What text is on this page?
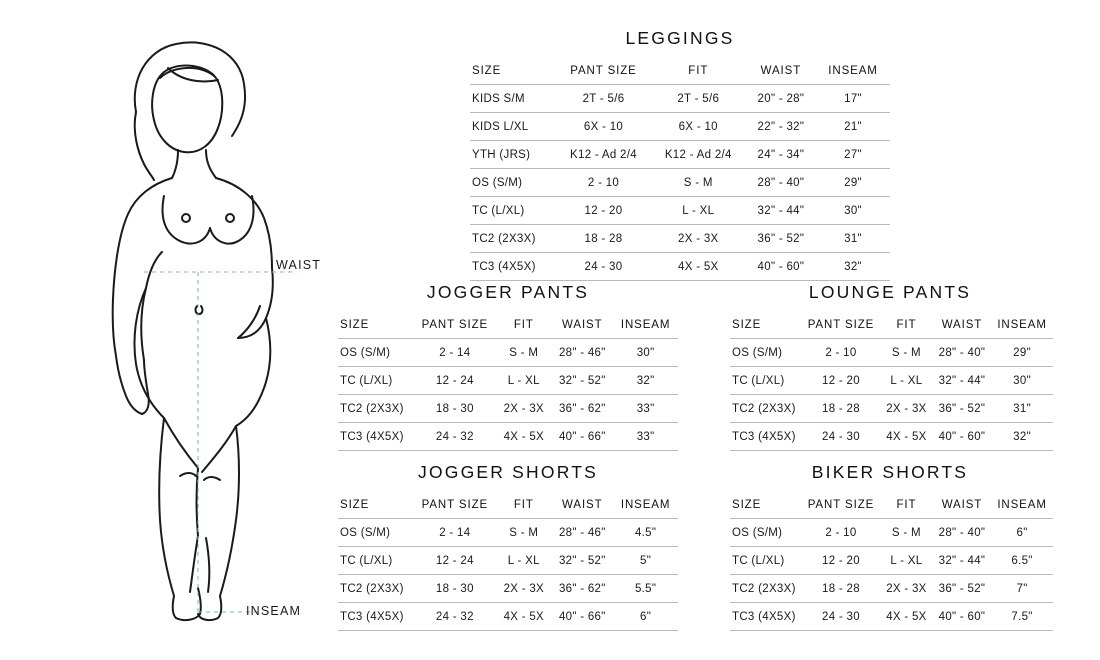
WAIST
INSEAM
LEGGINGS
SIZE	PANT SIZE	FIT	WAIST	INSEAM
KIDS S/M	2T - 5/6	2T - 5/6	20" - 28"	17"
KIDS L/XL	6X - 10	6X - 10	22" - 32"	21"
YTH (JRS)	K12 - Ad 2/4	K12 - Ad 2/4	24" - 34"	27"
OS (S/M)	2 - 10	S - M	28" - 40"	29"
TC (L/XL)	12 - 20	L - XL	32" - 44"	30"
TC2 (2X3X)	18 - 28	2X - 3X	36" - 52"	31"
TC3 (4X5X)	24 - 30	4X - 5X	40" - 60"	32"
JOGGER PANTS
SIZE	PANT SIZE	FIT	WAIST	INSEAM
OS (S/M)	2 - 14	S - M	28" - 46"	30"
TC (L/XL)	12 - 24	L - XL	32" - 52"	32"
TC2 (2X3X)	18 - 30	2X - 3X	36" - 62"	33"
TC3 (4X5X)	24 - 32	4X - 5X	40" - 66"	33"
LOUNGE PANTS
SIZE	PANT SIZE	FIT	WAIST	INSEAM
OS (S/M)	2 - 10	S - M	28" - 40"	29"
TC (L/XL)	12 - 20	L - XL	32" - 44"	30"
TC2 (2X3X)	18 - 28	2X - 3X	36" - 52"	31"
TC3 (4X5X)	24 - 30	4X - 5X	40" - 60"	32"
JOGGER SHORTS
SIZE	PANT SIZE	FIT	WAIST	INSEAM
OS (S/M)	2 - 14	S - M	28" - 46"	4.5"
TC (L/XL)	12 - 24	L - XL	32" - 52"	5"
TC2 (2X3X)	18 - 30	2X - 3X	36" - 62"	5.5"
TC3 (4X5X)	24 - 32	4X - 5X	40" - 66"	6"
BIKER SHORTS
SIZE	PANT SIZE	FIT	WAIST	INSEAM
OS (S/M)	2 - 10	S - M	28" - 40"	6"
TC (L/XL)	12 - 20	L - XL	32" - 44"	6.5"
TC2 (2X3X)	18 - 28	2X - 3X	36" - 52"	7"
TC3 (4X5X)	24 - 30	4X - 5X	40" - 60"	7.5"
